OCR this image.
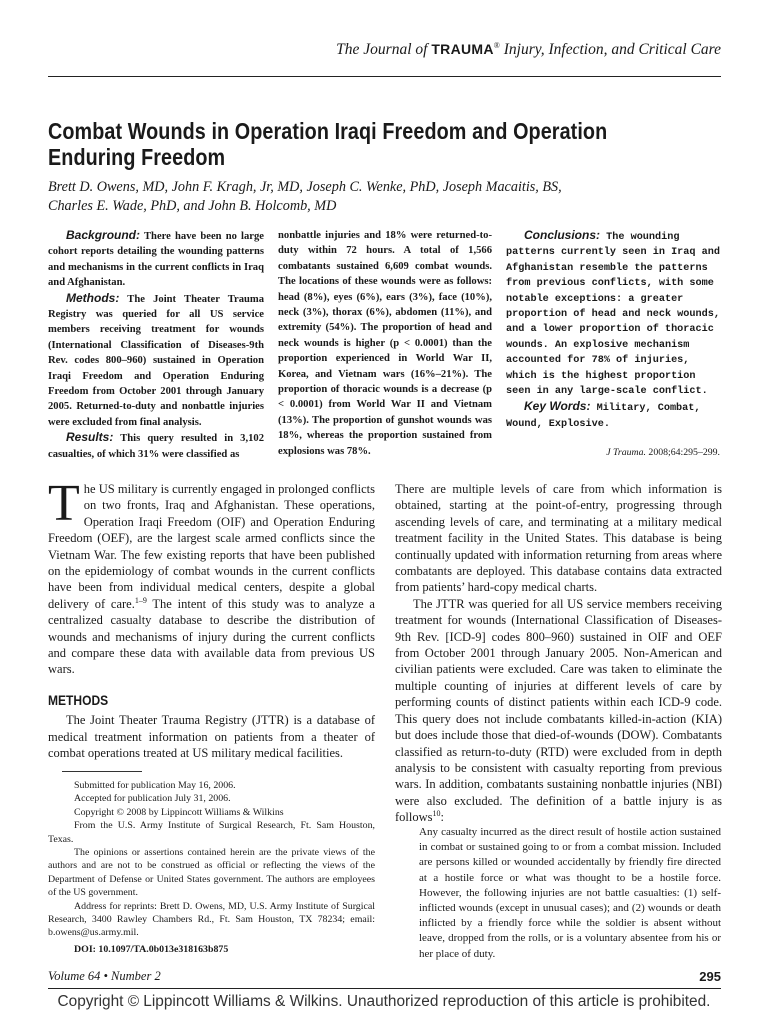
The Journal of TRAUMA® Injury, Infection, and Critical Care
Combat Wounds in Operation Iraqi Freedom and Operation Enduring Freedom
Brett D. Owens, MD, John F. Kragh, Jr, MD, Joseph C. Wenke, PhD, Joseph Macaitis, BS,
Charles E. Wade, PhD, and John B. Holcomb, MD

Background: There have been no large cohort reports detailing the wounding patterns and mechanisms in the current conflicts in Iraq and Afghanistan.

Methods: The Joint Theater Trauma Registry was queried for all US service members receiving treatment for wounds (International Classification of Diseases-9th Rev. codes 800–960) sustained in Operation Iraqi Freedom and Operation Enduring Freedom from October 2001 through January 2005. Returned-to-duty and nonbattle injuries were excluded from final analysis.

Results: This query resulted in 3,102 casualties, of which 31% were classified as

nonbattle injuries and 18% were returned-to-duty within 72 hours. A total of 1,566 combatants sustained 6,609 combat wounds. The locations of these wounds were as follows: head (8%), eyes (6%), ears (3%), face (10%), neck (3%), thorax (6%), abdomen (11%), and extremity (54%). The proportion of head and neck wounds is higher (p < 0.0001) than the proportion experienced in World War II, Korea, and Vietnam wars (16%–21%). The proportion of thoracic wounds is a decrease (p < 0.0001) from World War II and Vietnam (13%). The proportion of gunshot wounds was 18%, whereas the proportion sustained from explosions was 78%.

Conclusions: The wounding patterns currently seen in Iraq and Afghanistan resemble the patterns from previous conflicts, with some notable exceptions: a greater proportion of head and neck wounds, and a lower proportion of thoracic wounds. An explosive mechanism accounted for 78% of injuries, which is the highest proportion seen in any large-scale conflict.

Key Words: Military, Combat, Wound, Explosive.

J Trauma. 2008;64:295–299.

The US military is currently engaged in prolonged conflicts on two fronts, Iraq and Afghanistan. These operations, Operation Iraqi Freedom (OIF) and Operation Enduring Freedom (OEF), are the largest scale armed conflicts since the Vietnam War. The few existing reports that have been published on the epidemiology of combat wounds in the current conflicts have been from individual medical centers, despite a global delivery of care.$^{1-9}$ The intent of this study was to analyze a centralized casualty database to describe the distribution of wounds and mechanisms of injury during the current conflicts and compare these data with available data from previous US wars.

METHODS

The Joint Theater Trauma Registry (JTTR) is a database of medical treatment information on patients from a theater of combat operations treated at US military medical facilities.

Submitted for publication May 16, 2006.

Accepted for publication July 31, 2006.

Copyright © 2008 by Lippincott Williams & Wilkins

From the U.S. Army Institute of Surgical Research, Ft. Sam Houston, Texas.

The opinions or assertions contained herein are the private views of the authors and are not to be construed as official or reflecting the views of the Department of Defense or United States government. The authors are employees of the US government.

Address for reprints: Brett D. Owens, MD, U.S. Army Institute of Surgical Research, 3400 Rawley Chambers Rd., Ft. Sam Houston, TX 78234; email: b.owens@us.army.mil.

DOI: 10.1097/TA.0b013e318163b875

There are multiple levels of care from which information is obtained, starting at the point-of-entry, progressing through ascending levels of care, and terminating at a military medical treatment facility in the United States. This database is being continually updated with information returning from areas where combatants are deployed. This database contains data extracted from patients’ hard-copy medical charts.

The JTTR was queried for all US service members receiving treatment for wounds (International Classification of Diseases-9th Rev. [ICD-9] codes 800–960) sustained in OIF and OEF from October 2001 through January 2005. Non-American and civilian patients were excluded. Care was taken to eliminate the multiple counting of injuries at different levels of care by performing counts of distinct patients within each ICD-9 code. This query does not include combatants killed-in-action (KIA) but does include those that died-of-wounds (DOW). Combatants classified as return-to-duty (RTD) were excluded from in depth analysis to be consistent with casualty reporting from previous wars. In addition, combatants sustaining nonbattle injuries (NBI) were also excluded. The definition of a battle injury is as follows$^{10}$:

Any casualty incurred as the direct result of hostile action sustained in combat or sustained going to or from a combat mission. Included are persons killed or wounded accidentally by friendly fire directed at a hostile force or what was thought to be a hostile force. However, the following injuries are not battle casualties: (1) self-inflicted wounds (except in unusual cases); and (2) wounds or death inflicted by a friendly force while the soldier is absent without leave, dropped from the rolls, or is a voluntary absentee from his or her place of duty.
Volume 64 • Number 2	295
Copyright © Lippincott Williams & Wilkins. Unauthorized reproduction of this article is prohibited.
